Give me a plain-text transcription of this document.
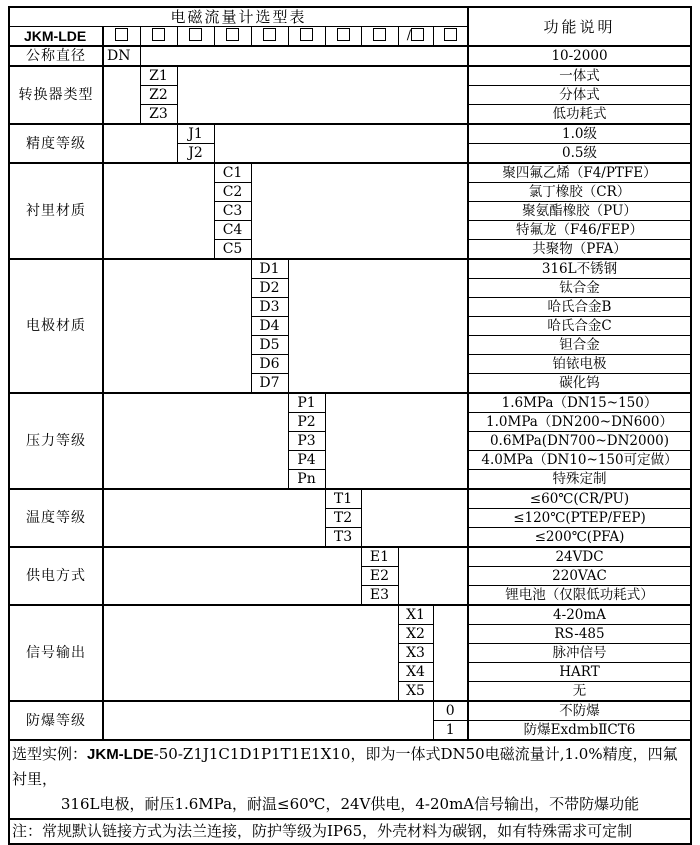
电磁流量计选型表											功能说明
JKM-LDE									/		
公称直径	DN										10-2000
转换器类型		Z1									一体式
		Z2									分体式
		Z3									低功耗式
精度等级			J1								1.0级
			J2								0.5级
衬里材质				C1							聚四氟乙烯（F4/PTFE）
				C2							氯丁橡胶（CR）
				C3							聚氨酯橡胶（PU）
				C4							特氟龙（F46/FEP）
				C5							共聚物（PFA）
电极材质					D1						316L不锈钢
					D2						钛合金
					D3						哈氏合金B
					D4						哈氏合金C
					D5						钽合金
					D6						铂铱电极
					D7						碳化钨
压力等级						P1					1.6MPa（DN15~150）
						P2					1.0MPa（DN200~DN600）
						P3					0.6MPa(DN700~DN2000)
						P4					4.0MPa（DN10~150可定做）
						Pn					特殊定制
温度等级							T1				≤60℃(CR/PU)
							T2				≤120℃(PTEP/FEP)
							T3				≤200℃(PFA)
供电方式								E1			24VDC
								E2			220VAC
								E3			锂电池（仅限低功耗式）
信号输出									X1		4-20mA
									X2		RS-485
									X3		脉冲信号
									X4		HART
									X5		无
防爆等级										0	不防爆
										1	防爆ExdmbⅡCT6

选型实例：JKM-LDE-50-Z1J1C1D1P1T1E1X10，即为一体式DN50电磁流量计,1.0%精度，四氟衬里，
316L电极，耐压1.6MPa，耐温≤60℃，24V供电，4-20mA信号输出，不带防爆功能											

注：常规默认链接方式为法兰连接，防护等级为IP65，外壳材料为碳钢，如有特殊需求可定制											
